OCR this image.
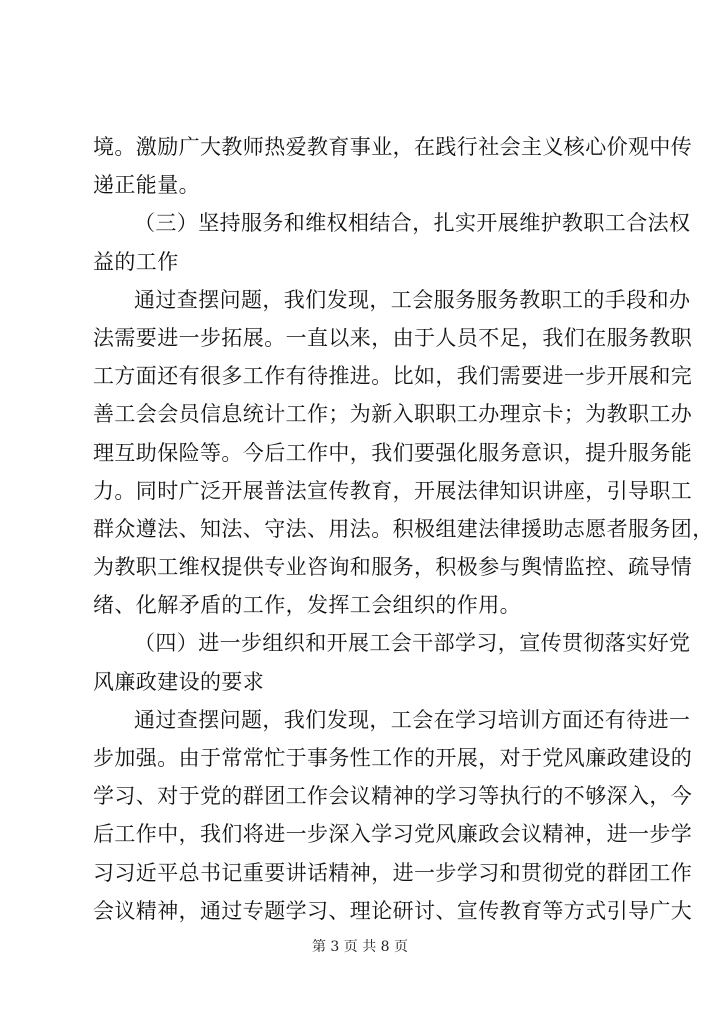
境。激励广大教师热爱教育事业，在践行社会主义核心价观中传
递正能量。
（三）坚持服务和维权相结合，扎实开展维护教职工合法权
益的工作
通过查摆问题，我们发现，工会服务服务教职工的手段和办
法需要进一步拓展。一直以来，由于人员不足，我们在服务教职
工方面还有很多工作有待推进。比如，我们需要进一步开展和完
善工会会员信息统计工作；为新入职职工办理京卡；为教职工办
理互助保险等。今后工作中，我们要强化服务意识，提升服务能
力。同时广泛开展普法宣传教育，开展法律知识讲座，引导职工
群众遵法、知法、守法、用法。积极组建法律援助志愿者服务团，
为教职工维权提供专业咨询和服务，积极参与舆情监控、疏导情
绪、化解矛盾的工作，发挥工会组织的作用。
（四）进一步组织和开展工会干部学习，宣传贯彻落实好党
风廉政建设的要求
通过查摆问题，我们发现，工会在学习培训方面还有待进一
步加强。由于常常忙于事务性工作的开展，对于党风廉政建设的
学习、对于党的群团工作会议精神的学习等执行的不够深入，今
后工作中，我们将进一步深入学习党风廉政会议精神，进一步学
习习近平总书记重要讲话精神，进一步学习和贯彻党的群团工作
会议精神，通过专题学习、理论研讨、宣传教育等方式引导广大
第 3 页 共 8 页
